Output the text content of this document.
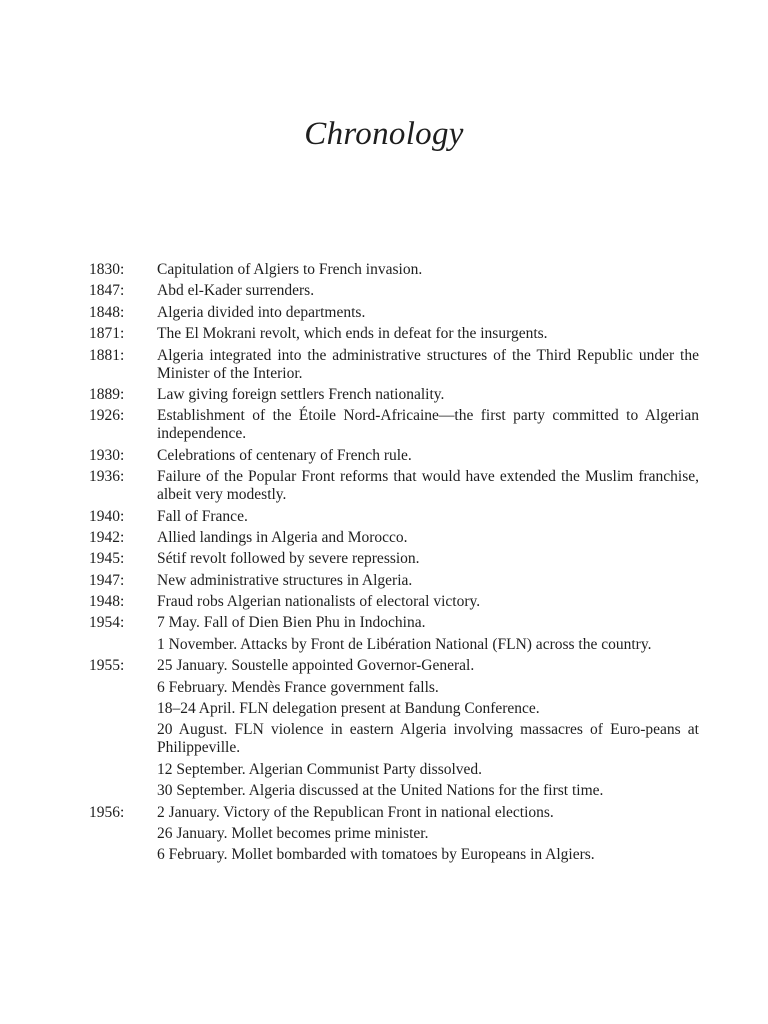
Chronology
1830:	Capitulation of Algiers to French invasion.
1847:	Abd el-Kader surrenders.
1848:	Algeria divided into departments.
1871:	The El Mokrani revolt, which ends in defeat for the insurgents.
1881:	Algeria integrated into the administrative structures of the Third Republic under the Minister of the Interior.
1889:	Law giving foreign settlers French nationality.
1926:	Establishment of the Étoile Nord-Africaine—the first party committed to Algerian independence.
1930:	Celebrations of centenary of French rule.
1936:	Failure of the Popular Front reforms that would have extended the Muslim franchise, albeit very modestly.
1940:	Fall of France.
1942:	Allied landings in Algeria and Morocco.
1945:	Sétif revolt followed by severe repression.
1947:	New administrative structures in Algeria.
1948:	Fraud robs Algerian nationalists of electoral victory.
1954:	7 May. Fall of Dien Bien Phu in Indochina.
1 November. Attacks by Front de Libération National (FLN) across the country.
1955:	25 January. Soustelle appointed Governor-General.
6 February. Mendès France government falls.
18–24 April. FLN delegation present at Bandung Conference.
20 August. FLN violence in eastern Algeria involving massacres of Euro-peans at Philippeville.
12 September. Algerian Communist Party dissolved.
30 September. Algeria discussed at the United Nations for the first time.
1956:	2 January. Victory of the Republican Front in national elections.
26 January. Mollet becomes prime minister.
6 February. Mollet bombarded with tomatoes by Europeans in Algiers.
